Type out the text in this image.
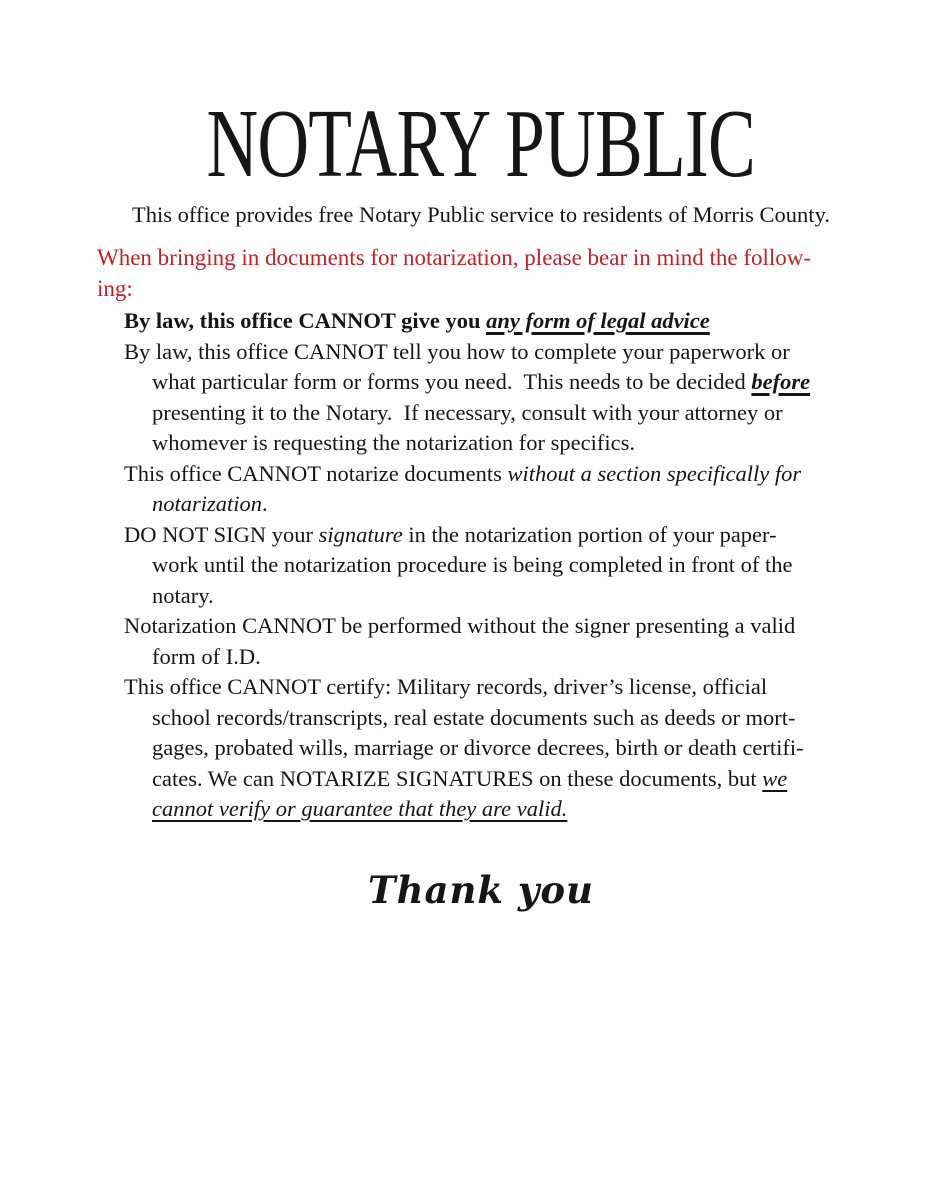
NOTARY PUBLIC

This office provides free Notary Public service to residents of Morris County.

When bringing in documents for notarization, please bear in mind the follow-
ing:
By law, this office CANNOT give you any form of legal advice
By law, this office CANNOT tell you how to complete your paperwork or
what particular form or forms you need.  This needs to be decided before
presenting it to the Notary.  If necessary, consult with your attorney or
whomever is requesting the notarization for specifics.
This office CANNOT notarize documents without a section specifically for
notarization.
DO NOT SIGN your signature in the notarization portion of your paper-
work until the notarization procedure is being completed in front of the
notary.
Notarization CANNOT be performed without the signer presenting a valid
form of I.D.
This office CANNOT certify: Military records, driver’s license, official
school records/transcripts, real estate documents such as deeds or mort-
gages, probated wills, marriage or divorce decrees, birth or death certifi-
cates. We can NOTARIZE SIGNATURES on these documents, but we
cannot verify or guarantee that they are valid.

Thank you
